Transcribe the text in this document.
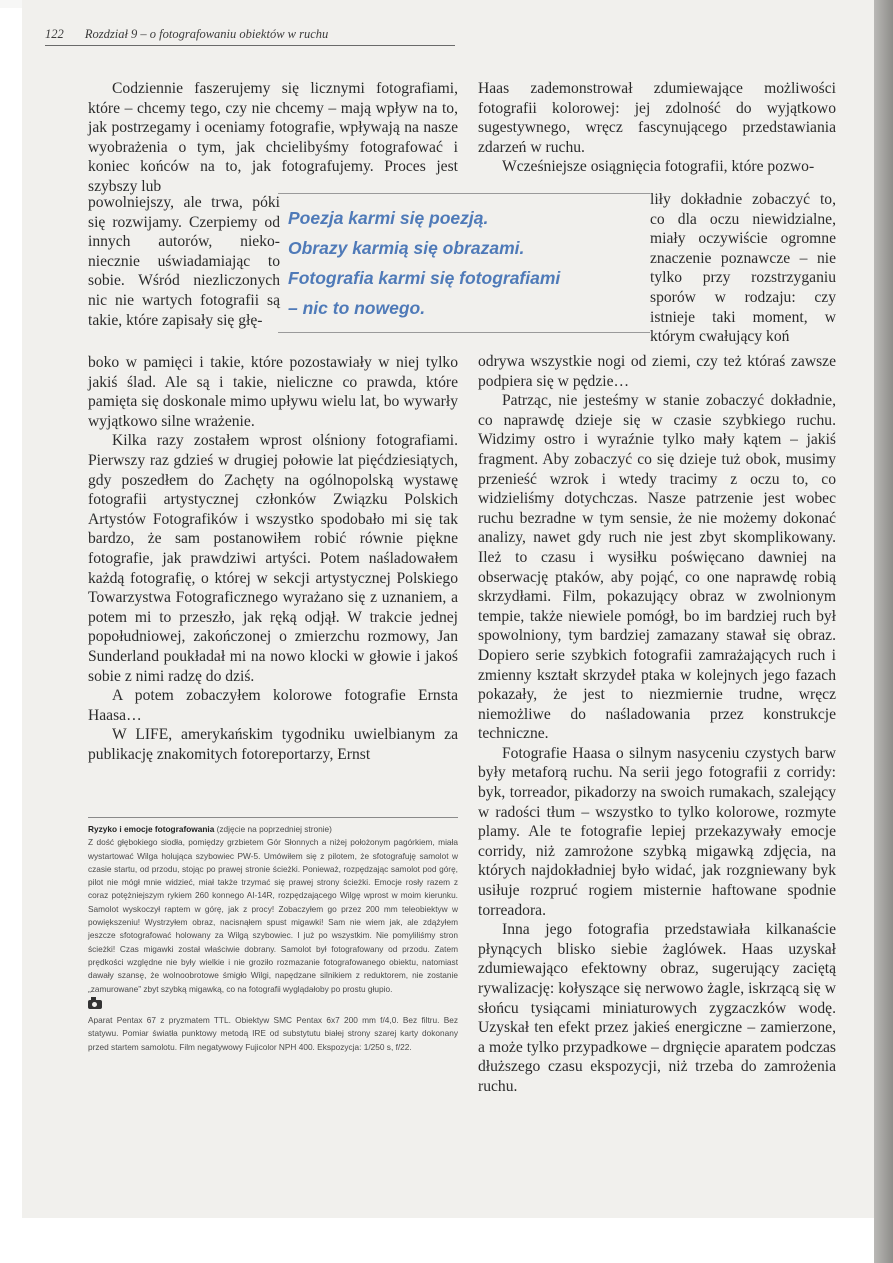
122 Rozdział 9 – o fotografowaniu obiektów w ruchu

Codziennie faszerujemy się licznymi fotografiami, które – chcemy tego, czy nie chcemy – mają wpływ na to, jak postrzegamy i oceniamy fotografie, wpływają na nasze wyobrażenia o tym, jak chcielibyśmy fotografować i koniec końców na to, jak fotografujemy. Proces jest szybszy lub

powolniejszy, ale trwa, póki się rozwijamy. Czerpiemy od innych autorów, nieko-niecznie uświadamiając to sobie. Wśród niezliczonych nic nie wartych fotografii są takie, które zapisały się głę-

Poezja karmi się poezją.
Obrazy karmią się obrazami.
Fotografia karmi się fotografiami
– nic to nowego.

boko w pamięci i takie, które pozostawiały w niej tylko jakiś ślad. Ale są i takie, nieliczne co prawda, które pamięta się doskonale mimo upływu wielu lat, bo wywarły wyjątkowo silne wrażenie.

Kilka razy zostałem wprost olśniony fotografiami. Pierwszy raz gdzieś w drugiej połowie lat pięćdziesiątych, gdy poszedłem do Zachęty na ogólnopolską wystawę fotografii artystycznej członków Związku Polskich Artystów Fotografików i wszystko spodobało mi się tak bardzo, że sam postanowiłem robić równie piękne fotografie, jak prawdziwi artyści. Potem naśladowałem każdą fotografię, o której w sekcji artystycznej Polskiego Towarzystwa Fotograficznego wyrażano się z uznaniem, a potem mi to przeszło, jak ręką odjął. W trakcie jednej popołudniowej, zakończonej o zmierzchu rozmowy, Jan Sunderland poukładał mi na nowo klocki w głowie i jakoś sobie z nimi radzę do dziś.

A potem zobaczyłem kolorowe fotografie Ernsta Haasa…

W LIFE, amerykańskim tygodniku uwielbianym za publikację znakomitych fotoreportarzy, Ernst

Haas zademonstrował zdumiewające możliwości fotografii kolorowej: jej zdolność do wyjątkowo sugestywnego, wręcz fascynującego przedstawiania zdarzeń w ruchu.

Wcześniejsze osiągnięcia fotografii, które pozwo-

liły dokładnie zobaczyć to, co dla oczu niewidzialne, miały oczywiście ogromne znaczenie poznawcze – nie tylko przy rozstrzyganiu sporów w rodzaju: czy istnieje taki moment, w którym cwałujący koń

odrywa wszystkie nogi od ziemi, czy też któraś zawsze podpiera się w pędzie…

Patrząc, nie jesteśmy w stanie zobaczyć dokładnie, co naprawdę dzieje się w czasie szybkiego ruchu. Widzimy ostro i wyraźnie tylko mały kątem – jakiś fragment. Aby zobaczyć co się dzieje tuż obok, musimy przenieść wzrok i wtedy tracimy z oczu to, co widzieliśmy dotychczas. Nasze patrzenie jest wobec ruchu bezradne w tym sensie, że nie możemy dokonać analizy, nawet gdy ruch nie jest zbyt skomplikowany. Ileż to czasu i wysiłku poświęcano dawniej na obserwację ptaków, aby pojąć, co one naprawdę robią skrzydłami. Film, pokazujący obraz w zwolnionym tempie, także niewiele pomógł, bo im bardziej ruch był spowolniony, tym bardziej zamazany stawał się obraz. Dopiero serie szybkich fotografii zamrażających ruch i zmienny kształt skrzydeł ptaka w kolejnych jego fazach pokazały, że jest to niezmiernie trudne, wręcz niemożliwe do naśladowania przez konstrukcje techniczne.

Fotografie Haasa o silnym nasyceniu czystych barw były metaforą ruchu. Na serii jego fotografii z corridy: byk, torreador, pikadorzy na swoich rumakach, szalejący w radości tłum – wszystko to tylko kolorowe, rozmyte plamy. Ale te fotografie lepiej przekazywały emocje corridy, niż zamrożone szybką migawką zdjęcia, na których najdokładniej było widać, jak rozgniewany byk usiłuje rozpruć rogiem misternie haftowane spodnie torreadora.

Inna jego fotografia przedstawiała kilkanaście płynących blisko siebie żaglówek. Haas uzyskał zdumiewająco efektowny obraz, sugerujący zaciętą rywalizację: kołyszące się nerwowo żagle, iskrzącą się w słońcu tysiącami miniaturowych zygzaczków wodę. Uzyskał ten efekt przez jakieś energiczne – zamierzone, a może tylko przypadkowe – drgnięcie aparatem podczas dłuższego czasu ekspozycji, niż trzeba do zamrożenia ruchu.

Ryzyko i emocje fotografowania (zdjęcie na poprzedniej stronie)
Z dość głębokiego siodła, pomiędzy grzbietem Gór Słonnych a niżej położonym pagórkiem, miała wystartować Wilga holująca szybowiec PW-5. Umówiłem się z pilotem, że sfotografuję samolot w czasie startu, od przodu, stojąc po prawej stronie ścieżki. Ponieważ, rozpędzając samolot pod górę, pilot nie mógł mnie widzieć, miał także trzymać się prawej strony ścieżki. Emocje rosły razem z coraz potężniejszym rykiem 260 konnego AI-14R, rozpędzającego Wilgę wprost w moim kierunku. Samolot wyskoczył raptem w górę, jak z procy! Zobaczyłem go przez 200 mm teleobiektyw w powiększeniu! Wystrzyłem obraz, nacisnąłem spust migawki! Sam nie wiem jak, ale zdążyłem jeszcze sfotografować holowany za Wilgą szybowiec. I już po wszystkim. Nie pomyliliśmy stron ścieżki! Czas migawki został właściwie dobrany. Samolot był fotografowany od przodu. Zatem prędkości względne nie były wielkie i nie groziło rozmazanie fotografowanego obiektu, natomiast dawały szansę, że wolnoobrotowe śmigło Wilgi, napędzane silnikiem z reduktorem, nie zostanie „zamurowane” zbyt szybką migawką, co na fotografii wyglądałoby po prostu głupio.
Aparat Pentax 67 z pryzmatem TTL. Obiektyw SMC Pentax 6x7 200 mm f/4,0. Bez filtru. Bez statywu. Pomiar światła punktowy metodą IRE od substytutu białej strony szarej karty dokonany przed startem samolotu. Film negatywowy Fujicolor NPH 400. Ekspozycja: 1/250 s, f/22.
